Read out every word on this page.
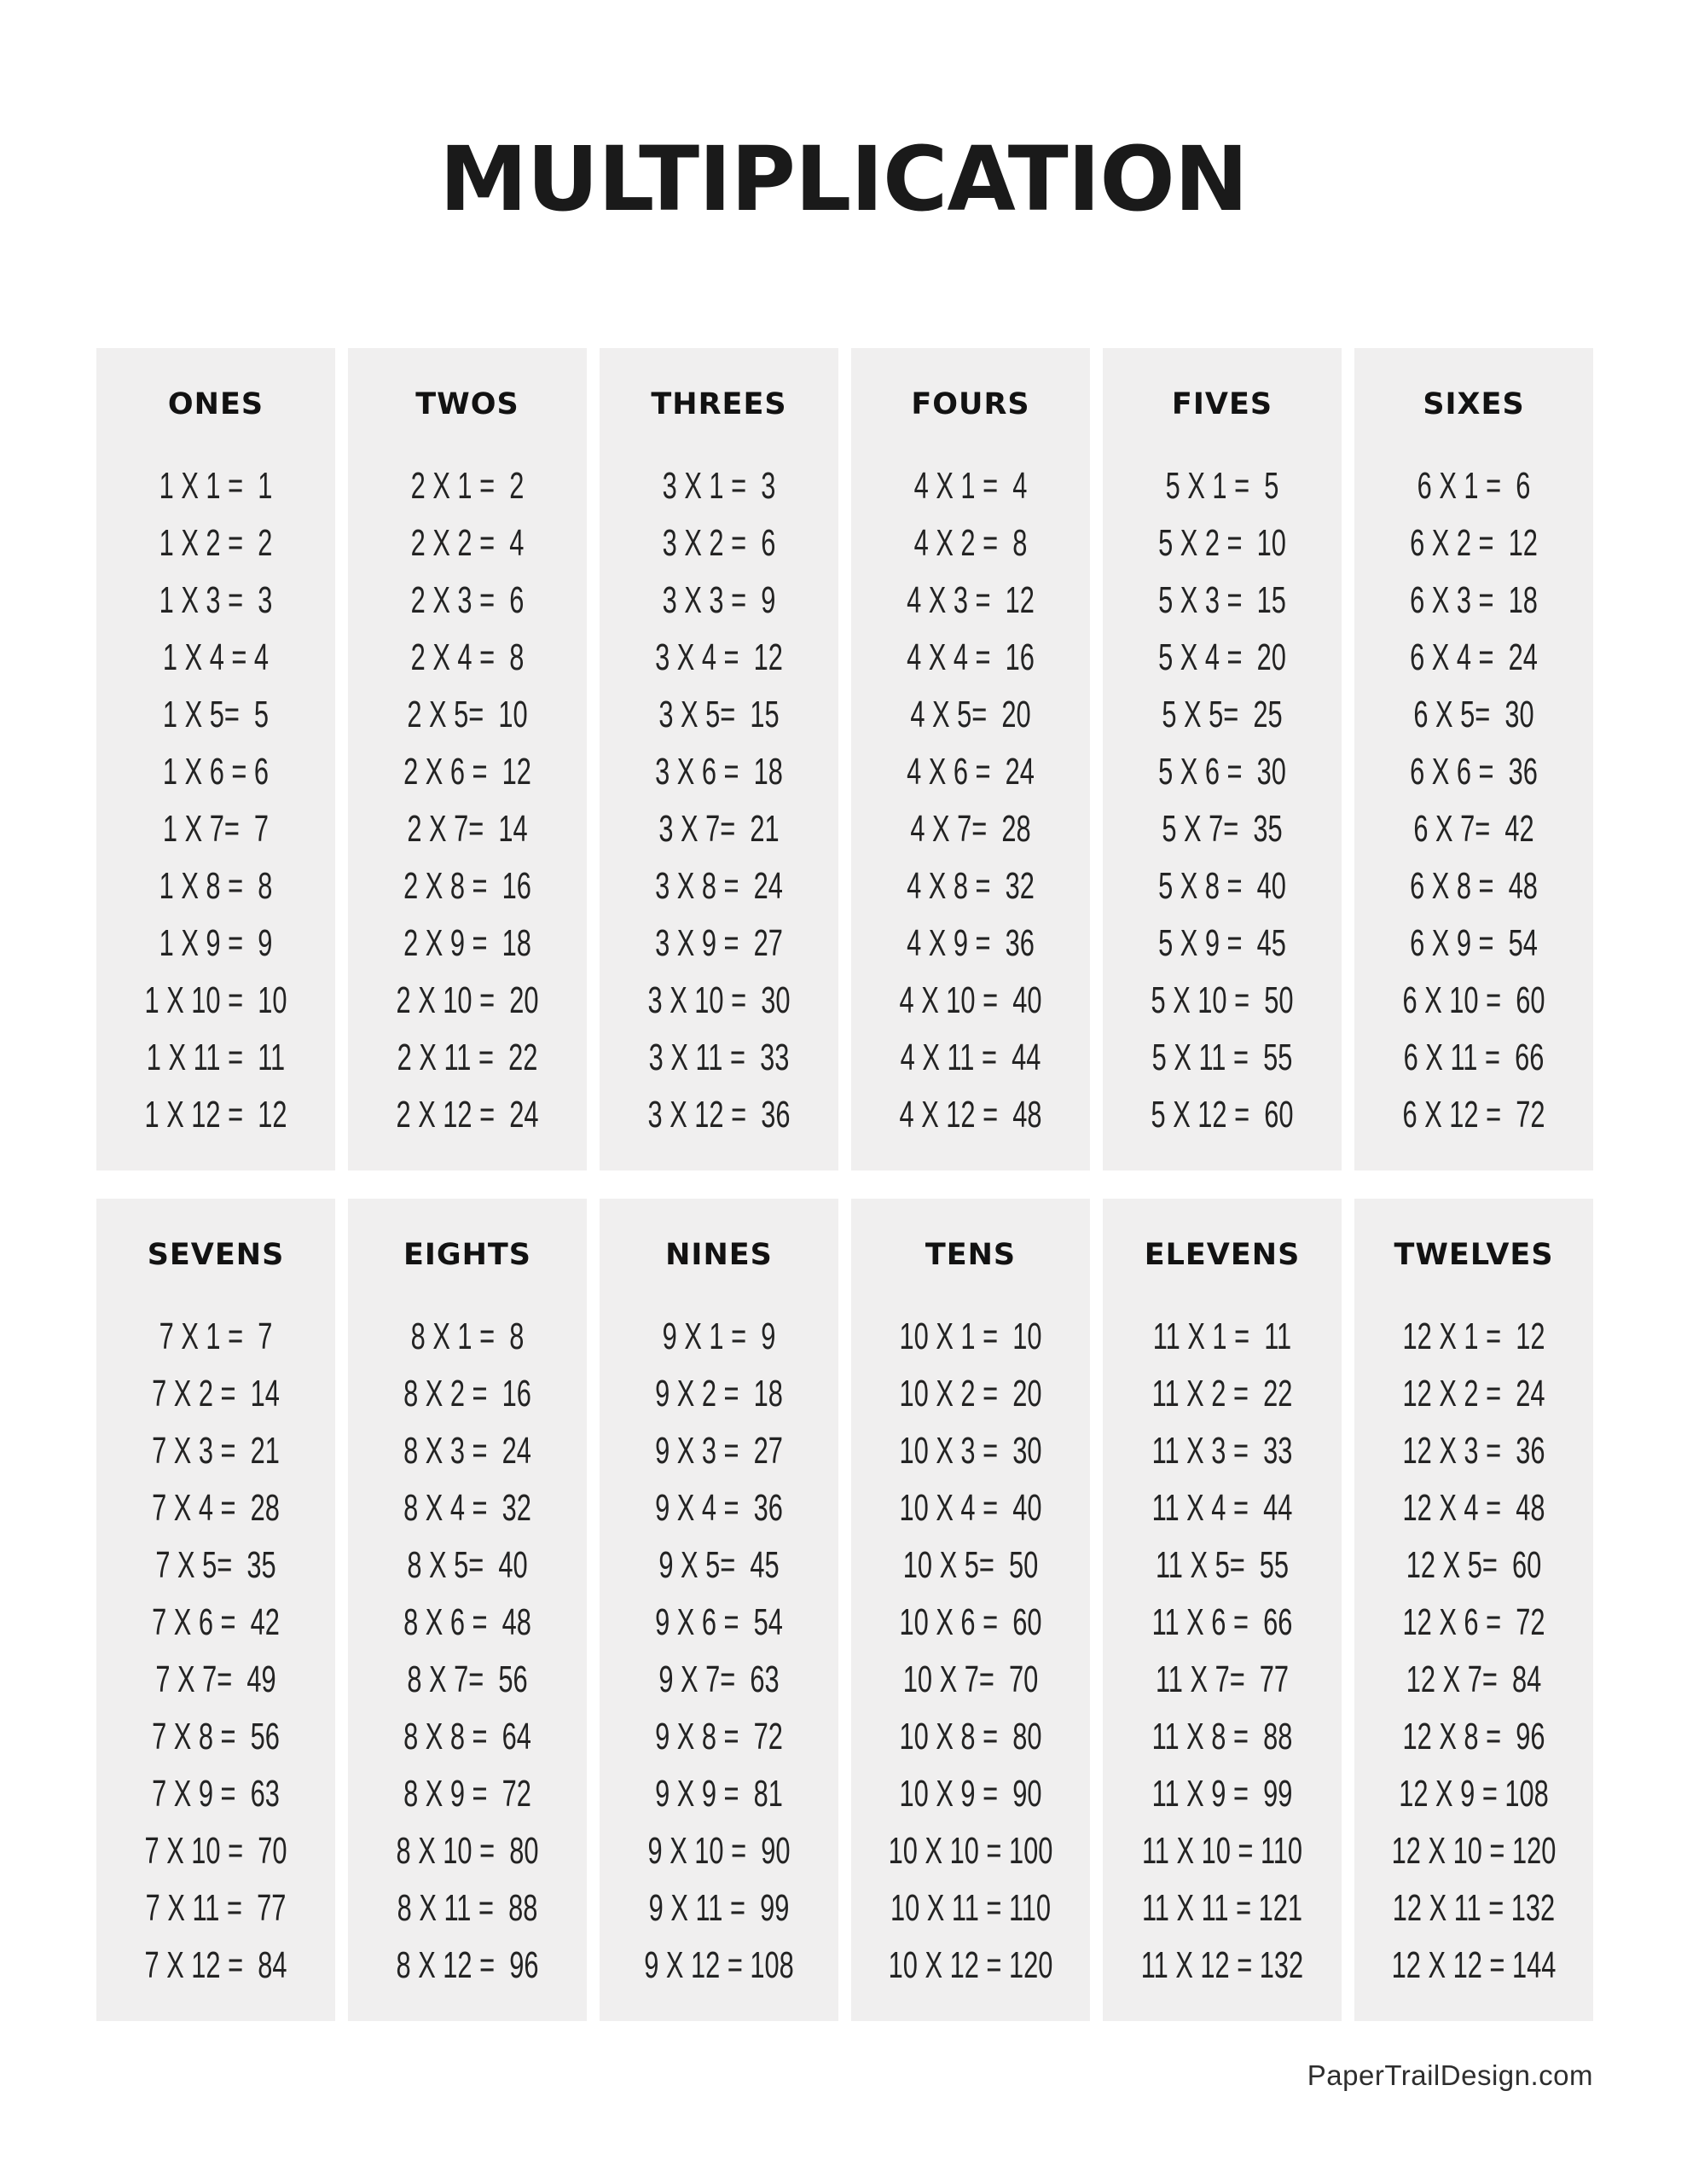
MULTIPLICATION
ONES
1 X 1 =  1
1 X 2 =  2
1 X 3 =  3
1 X 4 = 4
1 X 5=  5
1 X 6 = 6
1 X 7=  7
1 X 8 =  8
1 X 9 =  9
1 X 10 =  10
1 X 11 =  11
1 X 12 =  12
TWOS
2 X 1 =  2
2 X 2 =  4
2 X 3 =  6
2 X 4 =  8
2 X 5=  10
2 X 6 =  12
2 X 7=  14
2 X 8 =  16
2 X 9 =  18
2 X 10 =  20
2 X 11 =  22
2 X 12 =  24
THREES
3 X 1 =  3
3 X 2 =  6
3 X 3 =  9
3 X 4 =  12
3 X 5=  15
3 X 6 =  18
3 X 7=  21
3 X 8 =  24
3 X 9 =  27
3 X 10 =  30
3 X 11 =  33
3 X 12 =  36
FOURS
4 X 1 =  4
4 X 2 =  8
4 X 3 =  12
4 X 4 =  16
4 X 5=  20
4 X 6 =  24
4 X 7=  28
4 X 8 =  32
4 X 9 =  36
4 X 10 =  40
4 X 11 =  44
4 X 12 =  48
FIVES
5 X 1 =  5
5 X 2 =  10
5 X 3 =  15
5 X 4 =  20
5 X 5=  25
5 X 6 =  30
5 X 7=  35
5 X 8 =  40
5 X 9 =  45
5 X 10 =  50
5 X 11 =  55
5 X 12 =  60
SIXES
6 X 1 =  6
6 X 2 =  12
6 X 3 =  18
6 X 4 =  24
6 X 5=  30
6 X 6 =  36
6 X 7=  42
6 X 8 =  48
6 X 9 =  54
6 X 10 =  60
6 X 11 =  66
6 X 12 =  72
SEVENS
7 X 1 =  7
7 X 2 =  14
7 X 3 =  21
7 X 4 =  28
7 X 5=  35
7 X 6 =  42
7 X 7=  49
7 X 8 =  56
7 X 9 =  63
7 X 10 =  70
7 X 11 =  77
7 X 12 =  84
EIGHTS
8 X 1 =  8
8 X 2 =  16
8 X 3 =  24
8 X 4 =  32
8 X 5=  40
8 X 6 =  48
8 X 7=  56
8 X 8 =  64
8 X 9 =  72
8 X 10 =  80
8 X 11 =  88
8 X 12 =  96
NINES
9 X 1 =  9
9 X 2 =  18
9 X 3 =  27
9 X 4 =  36
9 X 5=  45
9 X 6 =  54
9 X 7=  63
9 X 8 =  72
9 X 9 =  81
9 X 10 =  90
9 X 11 =  99
9 X 12 = 108
TENS
10 X 1 =  10
10 X 2 =  20
10 X 3 =  30
10 X 4 =  40
10 X 5=  50
10 X 6 =  60
10 X 7=  70
10 X 8 =  80
10 X 9 =  90
10 X 10 = 100
10 X 11 = 110
10 X 12 = 120
ELEVENS
11 X 1 =  11
11 X 2 =  22
11 X 3 =  33
11 X 4 =  44
11 X 5=  55
11 X 6 =  66
11 X 7=  77
11 X 8 =  88
11 X 9 =  99
11 X 10 = 110
11 X 11 = 121
11 X 12 = 132
TWELVES
12 X 1 =  12
12 X 2 =  24
12 X 3 =  36
12 X 4 =  48
12 X 5=  60
12 X 6 =  72
12 X 7=  84
12 X 8 =  96
12 X 9 = 108
12 X 10 = 120
12 X 11 = 132
12 X 12 = 144
PaperTrailDesign.com
